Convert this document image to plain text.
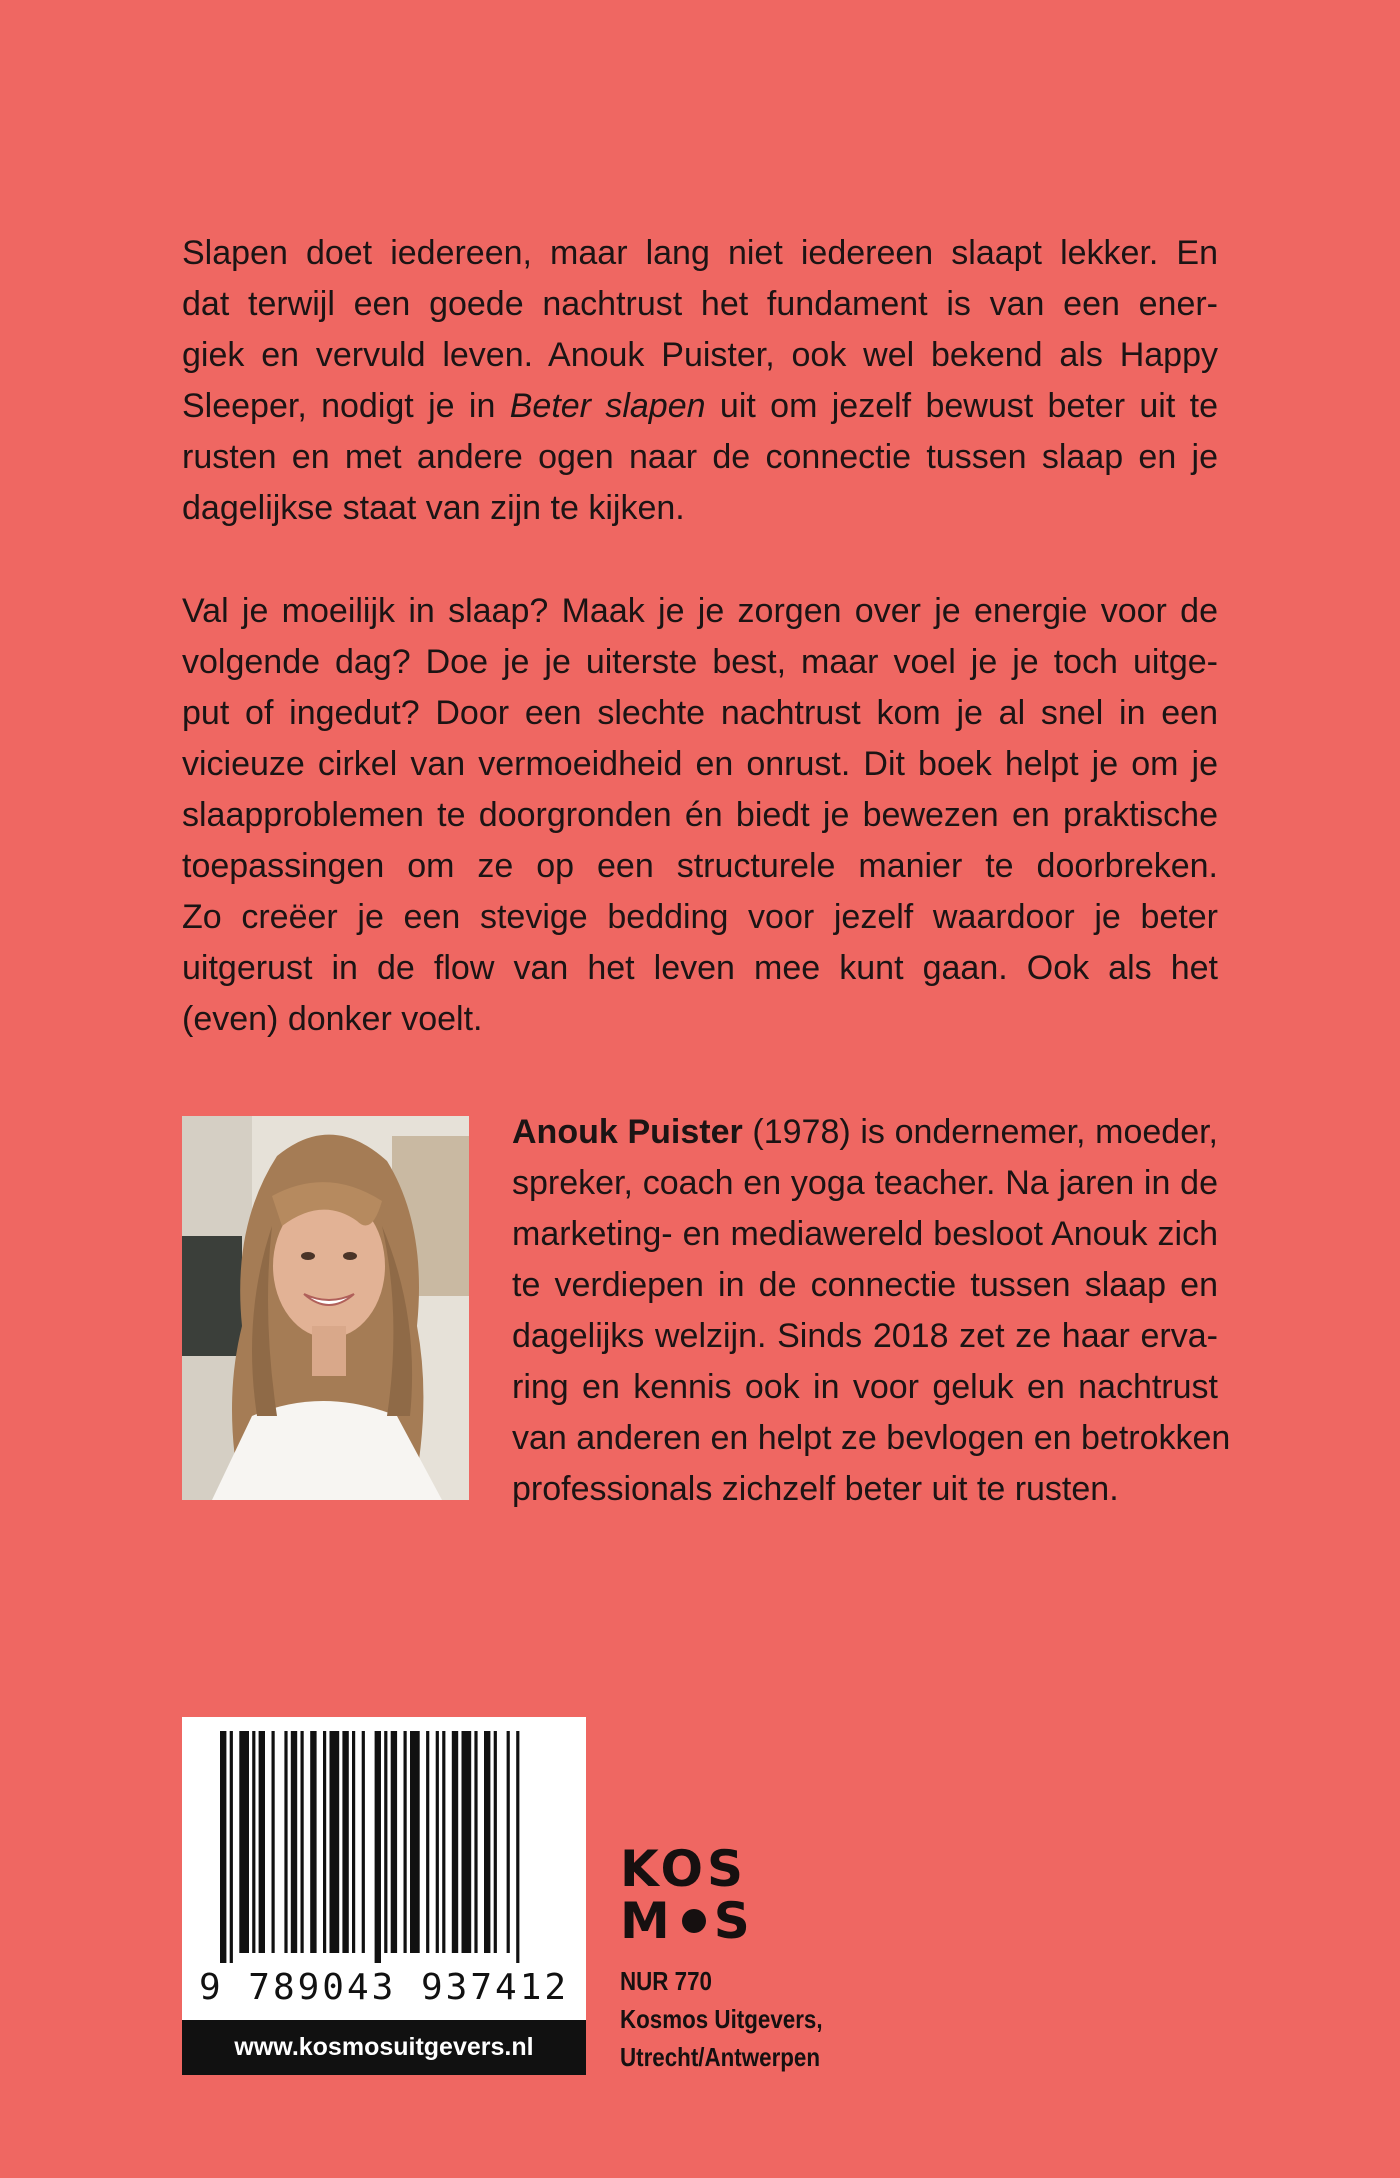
Slapen doet iedereen, maar lang niet iedereen slaapt lekker. En
dat terwijl een goede nachtrust het fundament is van een ener-
giek en vervuld leven. Anouk Puister, ook wel bekend als Happy
Sleeper, nodigt je in Beter slapen uit om jezelf bewust beter uit te
rusten en met andere ogen naar de connectie tussen slaap en je
dagelijkse staat van zijn te kijken.

Val je moeilijk in slaap? Maak je je zorgen over je energie voor de
volgende dag? Doe je je uiterste best, maar voel je je toch uitge-
put of ingedut? Door een slechte nachtrust kom je al snel in een
vicieuze cirkel van vermoeidheid en onrust. Dit boek helpt je om je
slaapproblemen te doorgronden én biedt je bewezen en praktische
toepassingen om ze op een structurele manier te doorbreken.
Zo creëer je een stevige bedding voor jezelf waardoor je beter
uitgerust in de flow van het leven mee kunt gaan. Ook als het
(even) donker voelt.

Anouk Puister (1978) is ondernemer, moeder,
spreker, coach en yoga teacher. Na jaren in de
marketing- en mediawereld besloot Anouk zich
te verdiepen in de connectie tussen slaap en
dagelijks welzijn. Sinds 2018 zet ze haar erva-
ring en kennis ook in voor geluk en nachtrust
van anderen en helpt ze bevlogen en betrokken
professionals zichzelf beter uit te rusten.

9 789043 937412
www.kosmosuitgevers.nl
KOS
M S
NUR 770
Kosmos Uitgevers,
Utrecht/Antwerpen
